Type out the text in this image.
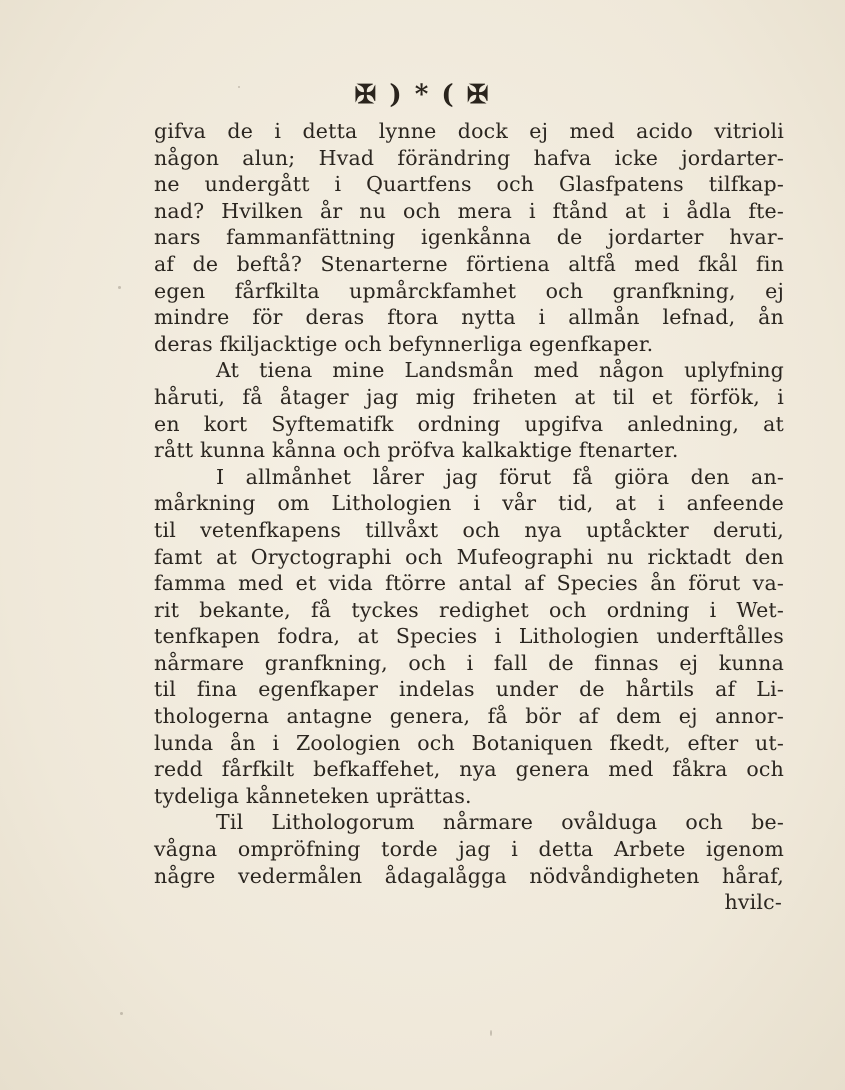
✠ ) * ( ✠
gifva de i detta lynne dock ej med acido vitrioli
någon alun; Hvad förändring hafva icke jordarter-
ne undergått i Quartfens och Glasfpatens tilfkap-
nad? Hvilken år nu och mera i ftånd at i ådla fte-
nars fammanfättning igenkånna de jordarter hvar-
af de beftå? Stenarterne förtiena altfå med fkål fin
egen fårfkilta upmårckfamhet och granfkning, ej
mindre för deras ftora nytta i allmån lefnad, ån
deras fkiljacktige och befynnerliga egenfkaper.
At tiena mine Landsmån med någon uplyfning
håruti, få åtager jag mig friheten at til et förfök, i
en kort Syftematifk ordning upgifva anledning, at
rått kunna kånna och pröfva kalkaktige ftenarter.
I allmånhet lårer jag förut få giöra den an-
mårkning om Lithologien i vår tid, at i anfeende
til vetenfkapens tillvåxt och nya uptåckter deruti,
famt at Oryctographi och Mufeographi nu ricktadt den
famma med et vida ftörre antal af Species ån förut va-
rit bekante, få tyckes redighet och ordning i Wet-
tenfkapen fodra, at Species i Lithologien underftålles
nårmare granfkning, och i fall de finnas ej kunna
til fina egenfkaper indelas under de hårtils af Li-
thologerna antagne genera, få bör af dem ej annor-
lunda ån i Zoologien och Botaniquen fkedt, efter ut-
redd fårfkilt befkaffehet, nya genera med fåkra och
tydeliga kånneteken uprättas.
Til Lithologorum nårmare ovålduga och be-
vågna ompröfning torde jag i detta Arbete igenom
någre vedermålen ådagalågga nödvåndigheten håraf,
hvilc-
